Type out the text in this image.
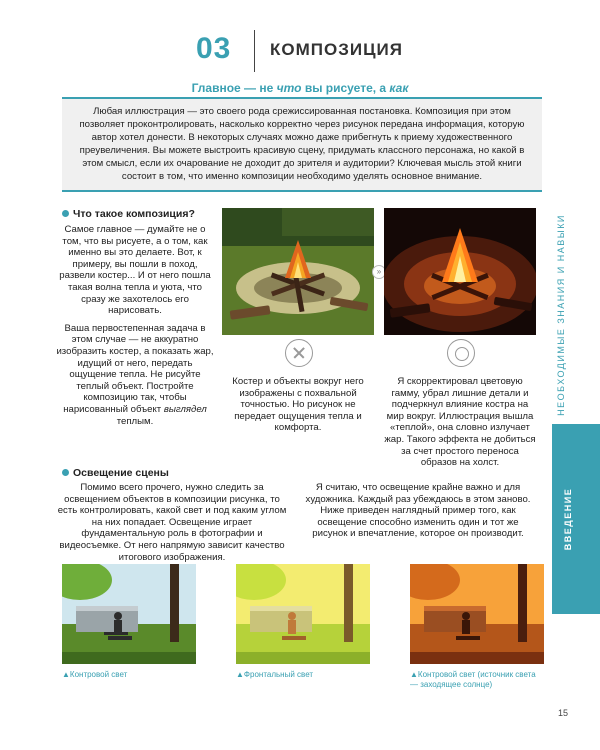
03 КОМПОЗИЦИЯ
Главное — не что вы рисуете, а как
Любая иллюстрация — это своего рода срежиссированная постановка. Композиция при этом позволяет проконтролировать, насколько корректно через рисунок передана информация, которую автор хотел донести. В некоторых случаях можно даже прибегнуть к приему художественного преувеличения. Вы можете выстроить красивую сцену, придумать классного персонажа, но какой в этом смысл, если их очарование не доходит до зрителя и аудитории? Ключевая мысль этой книги состоит в том, что именно композиции необходимо уделять основное внимание.
Что такое композиция?

Самое главное — думайте не о том, что вы рисуете, а о том, как именно вы это делаете. Вот, к примеру, вы пошли в поход, развели костер... И от него пошла такая волна тепла и уюта, что сразу же захотелось его нарисовать.

Ваша первостепенная задача в этом случае — не аккуратно изобразить костер, а показать жар, идущий от него, передать ощущение тепла. Не рисуйте теплый объект. Постройте композицию так, чтобы нарисованный объект выглядел теплым.

»
Костер и объекты вокруг него изображены с похвальной точностью. Но рисунок не передает ощущения тепла и комфорта.
Я скорректировал цветовую гамму, убрал лишние детали и подчеркнул влияние костра на мир вокруг. Иллюстрация вышла «теплой», она словно излучает жар. Такого эффекта не добиться за счет простого переноса образов на холст.
Освещение сцены
Помимо всего прочего, нужно следить за освещением объектов в композиции рисунка, то есть контролировать, какой свет и под каким углом на них попадает. Освещение играет фундаментальную роль в фотографии и видеосъемке. От него напрямую зависит качество итогового изображения.
Я считаю, что освещение крайне важно и для художника. Каждый раз убеждаюсь в этом заново. Ниже приведен наглядный пример того, как освещение способно изменить один и тот же рисунок и впечатление, которое он производит.
▲Контровой свет	▲Фронтальный свет	▲Контровой свет (источник света — заходящее солнце)
НЕОБХОДИМЫЕ ЗНАНИЯ И НАВЫКИ
ВВЕДЕНИЕ
15
